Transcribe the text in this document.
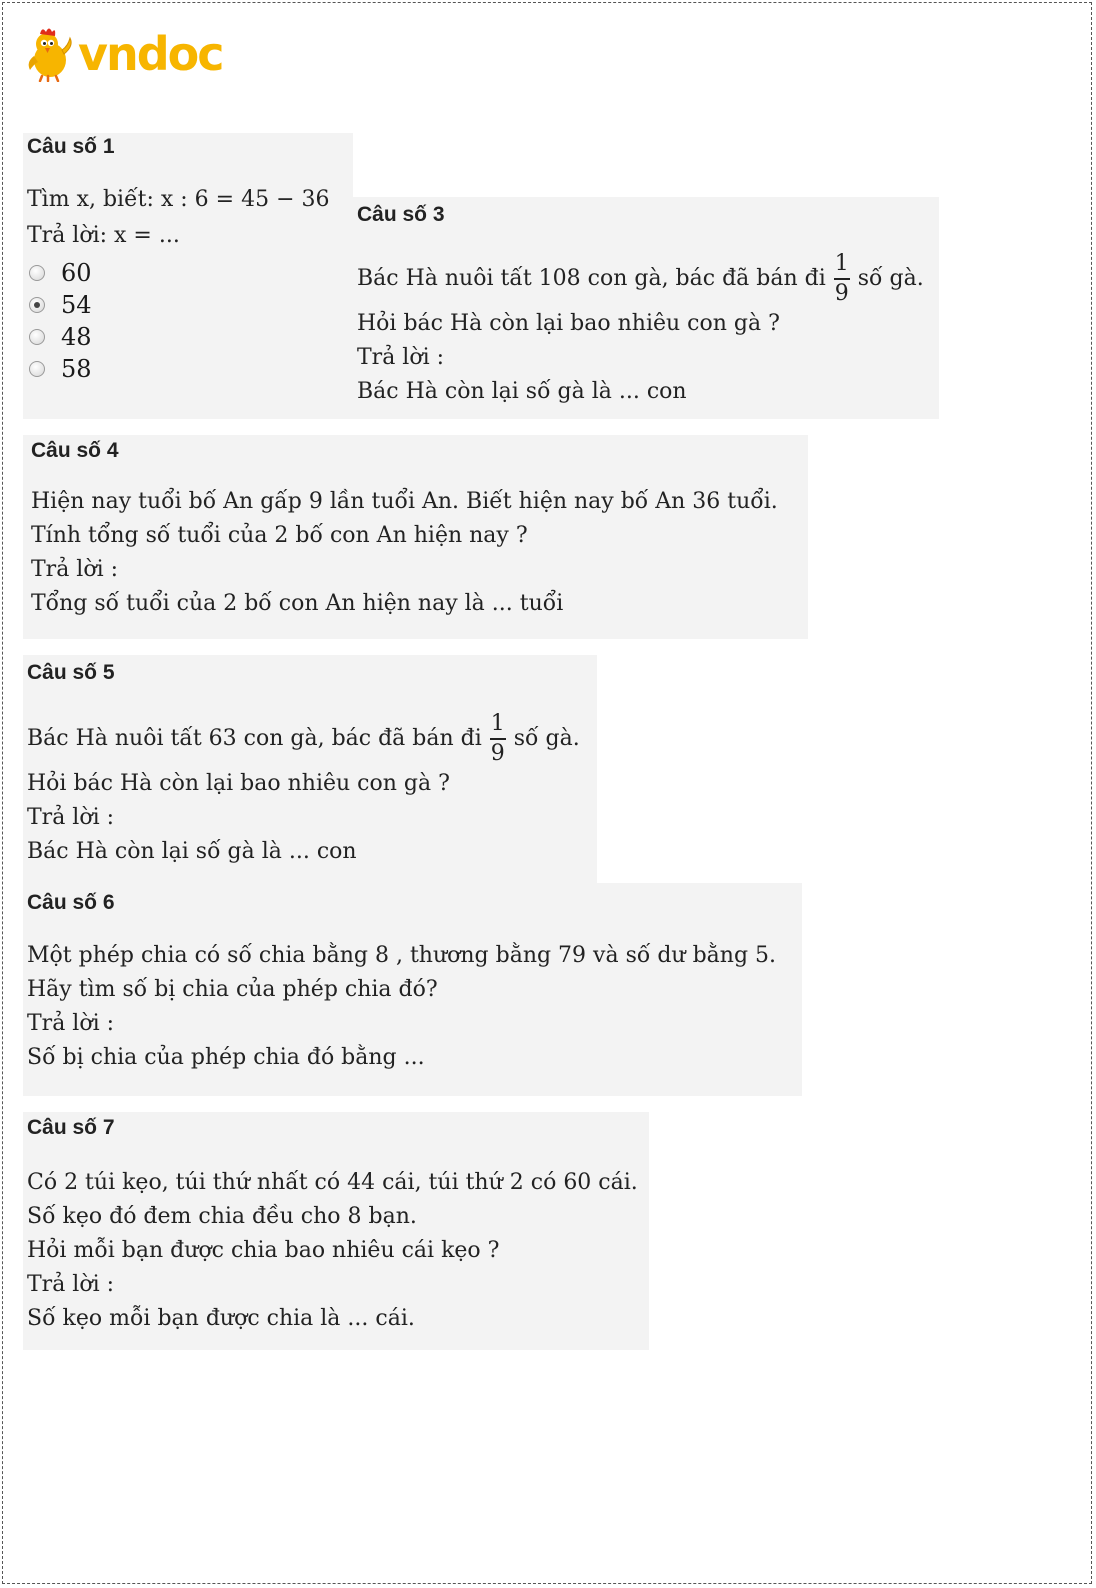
vndoc
Câu số 1
Tìm x, biết: x : 6 = 45 − 36
Trả lời: x = ...
60
54
48
58
Câu số 3
Bác Hà nuôi tất 108 con gà, bác đã bán đi $\frac{1}{9}$ số gà.
Hỏi bác Hà còn lại bao nhiêu con gà ?
Trả lời :
Bác Hà còn lại số gà là ... con
Câu số 4
Hiện nay tuổi bố An gấp 9 lần tuổi An. Biết hiện nay bố An 36 tuổi.
Tính tổng số tuổi của 2 bố con An hiện nay ?
Trả lời :
Tổng số tuổi của 2 bố con An hiện nay là ... tuổi
Câu số 5
Bác Hà nuôi tất 63 con gà, bác đã bán đi $\frac{1}{9}$ số gà.
Hỏi bác Hà còn lại bao nhiêu con gà ?
Trả lời :
Bác Hà còn lại số gà là ... con
Câu số 6
Một phép chia có số chia bằng 8 , thương bằng 79 và số dư bằng 5.
Hãy tìm số bị chia của phép chia đó?
Trả lời :
Số bị chia của phép chia đó bằng ...
Câu số 7
Có 2 túi kẹo, túi thứ nhất có 44 cái, túi thứ 2 có 60 cái.
Số kẹo đó đem chia đều cho 8 bạn.
Hỏi mỗi bạn được chia bao nhiêu cái kẹo ?
Trả lời :
Số kẹo mỗi bạn được chia là ... cái.
